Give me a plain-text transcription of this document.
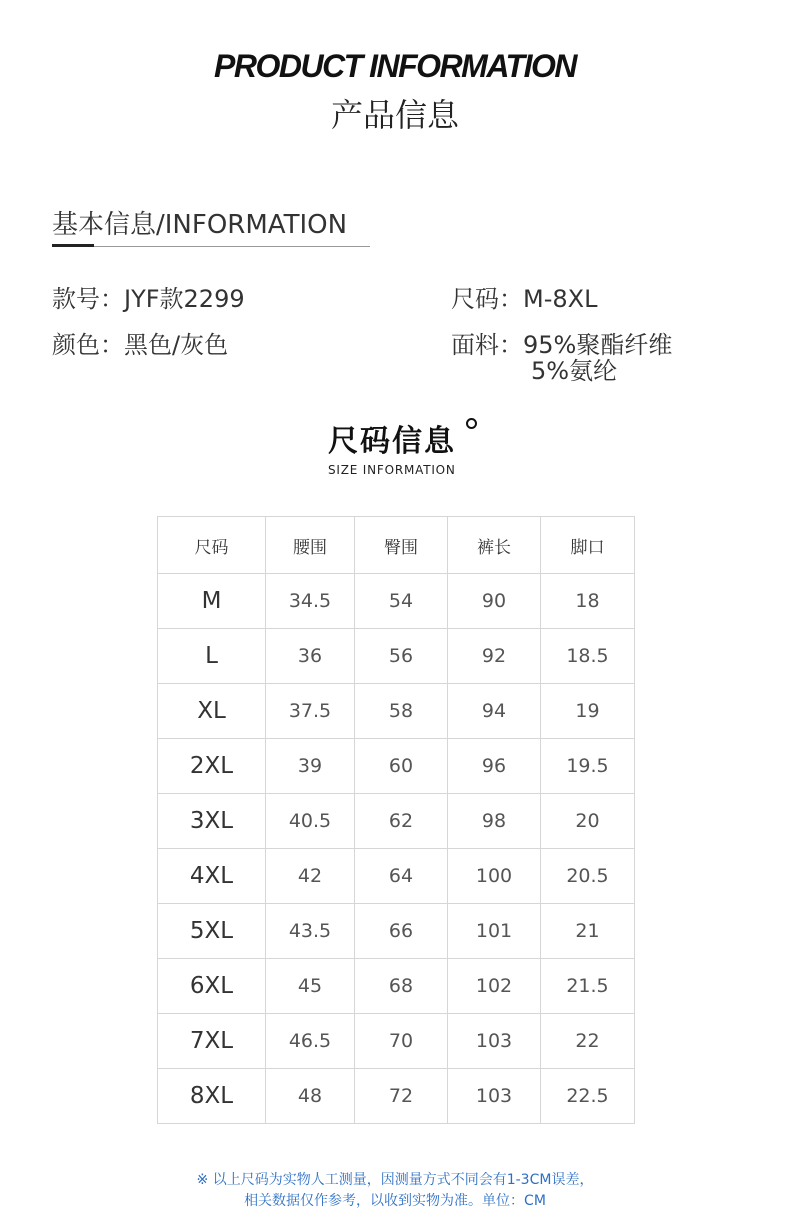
PRODUCT INFORMATION
产品信息
基本信息/INFORMATION
款号：JYF款2299	尺码：M-8XL
颜色：黑色/灰色	面料：95%聚酯纤维
5%氨纶
尺码信息
SIZE INFORMATION
尺码	腰围	臀围	裤长	脚口
M	34.5	54	90	18
L	36	56	92	18.5
XL	37.5	58	94	19
2XL	39	60	96	19.5
3XL	40.5	62	98	20
4XL	42	64	100	20.5
5XL	43.5	66	101	21
6XL	45	68	102	21.5
7XL	46.5	70	103	22
8XL	48	72	103	22.5
※ 以上尺码为实物人工测量，因测量方式不同会有1-3CM误差，
相关数据仅作参考，以收到实物为准。单位：CM
